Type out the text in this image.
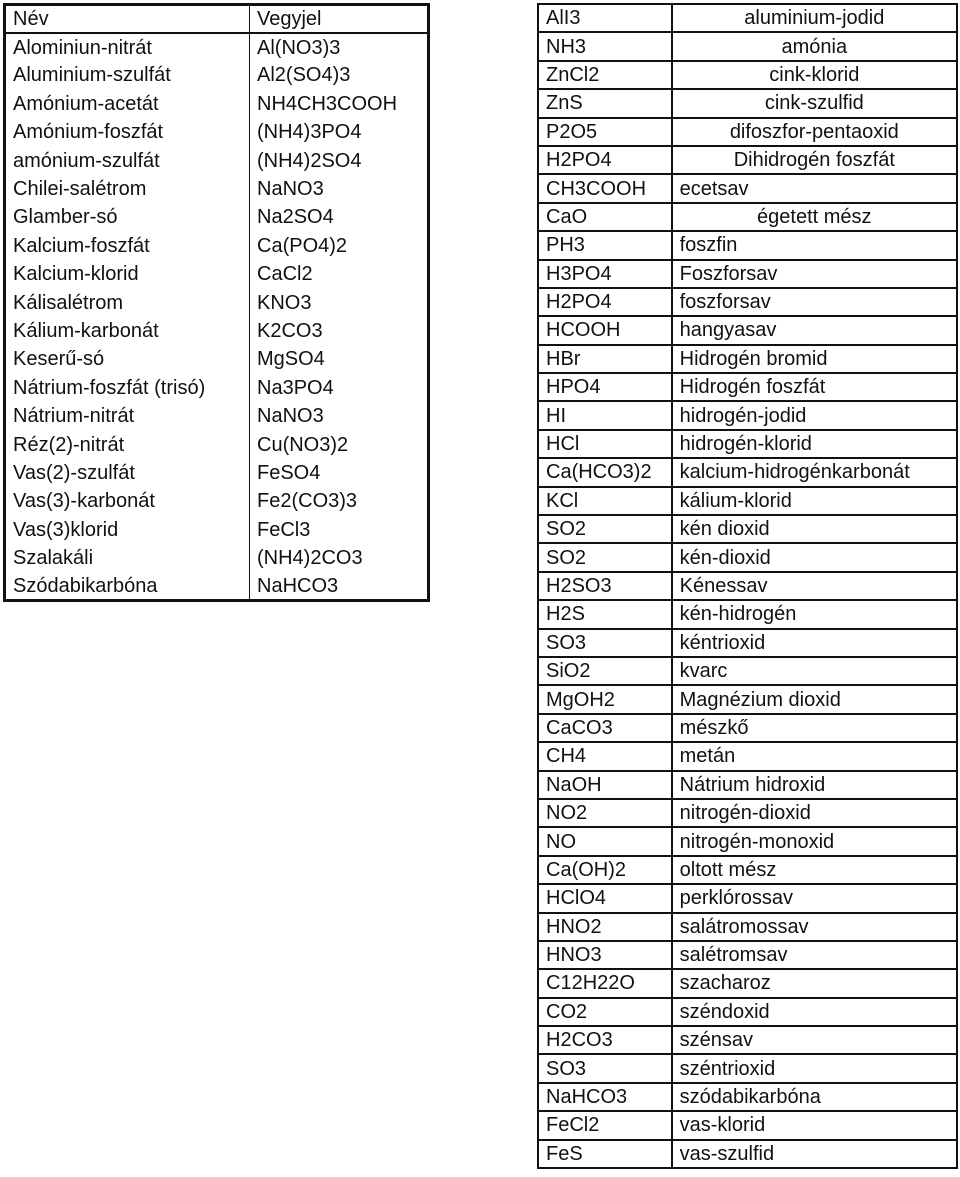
Név	Vegyjel
Alominiun-nitrát	Al(NO3)3
Aluminium-szulfát	Al2(SO4)3
Amónium-acetát	NH4CH3COOH
Amónium-foszfát	(NH4)3PO4
amónium-szulfát	(NH4)2SO4
Chilei-salétrom	NaNO3
Glamber-só	Na2SO4
Kalcium-foszfát	Ca(PO4)2
Kalcium-klorid	CaCl2
Kálisalétrom	KNO3
Kálium-karbonát	K2CO3
Keserű-só	MgSO4
Nátrium-foszfát (trisó)	Na3PO4
Nátrium-nitrát	NaNO3
Réz(2)-nitrát	Cu(NO3)2
Vas(2)-szulfát	FeSO4
Vas(3)-karbonát	Fe2(CO3)3
Vas(3)klorid	FeCl3
Szalakáli	(NH4)2CO3
Szódabikarbóna	NaHCO3
AlI3	aluminium-jodid
NH3	amónia
ZnCl2	cink-klorid
ZnS	cink-szulfid
P2O5	difoszfor-pentaoxid
H2PO4	Dihidrogén foszfát
CH3COOH	ecetsav
CaO	égetett mész
PH3	foszfin
H3PO4	Foszforsav
H2PO4	foszforsav
HCOOH	hangyasav
HBr	Hidrogén bromid
HPO4	Hidrogén foszfát
HI	hidrogén-jodid
HCl	hidrogén-klorid
Ca(HCO3)2	kalcium-hidrogénkarbonát
KCl	kálium-klorid
SO2	kén dioxid
SO2	kén-dioxid
H2SO3	Kénessav
H2S	kén-hidrogén
SO3	kéntrioxid
SiO2	kvarc
MgOH2	Magnézium dioxid
CaCO3	mészkő
CH4	metán
NaOH	Nátrium hidroxid
NO2	nitrogén-dioxid
NO	nitrogén-monoxid
Ca(OH)2	oltott mész
HClO4	perklórossav
HNO2	salátromossav
HNO3	salétromsav
C12H22O	szacharoz
CO2	széndoxid
H2CO3	szénsav
SO3	széntrioxid
NaHCO3	szódabikarbóna
FeCl2	vas-klorid
FeS	vas-szulfid
